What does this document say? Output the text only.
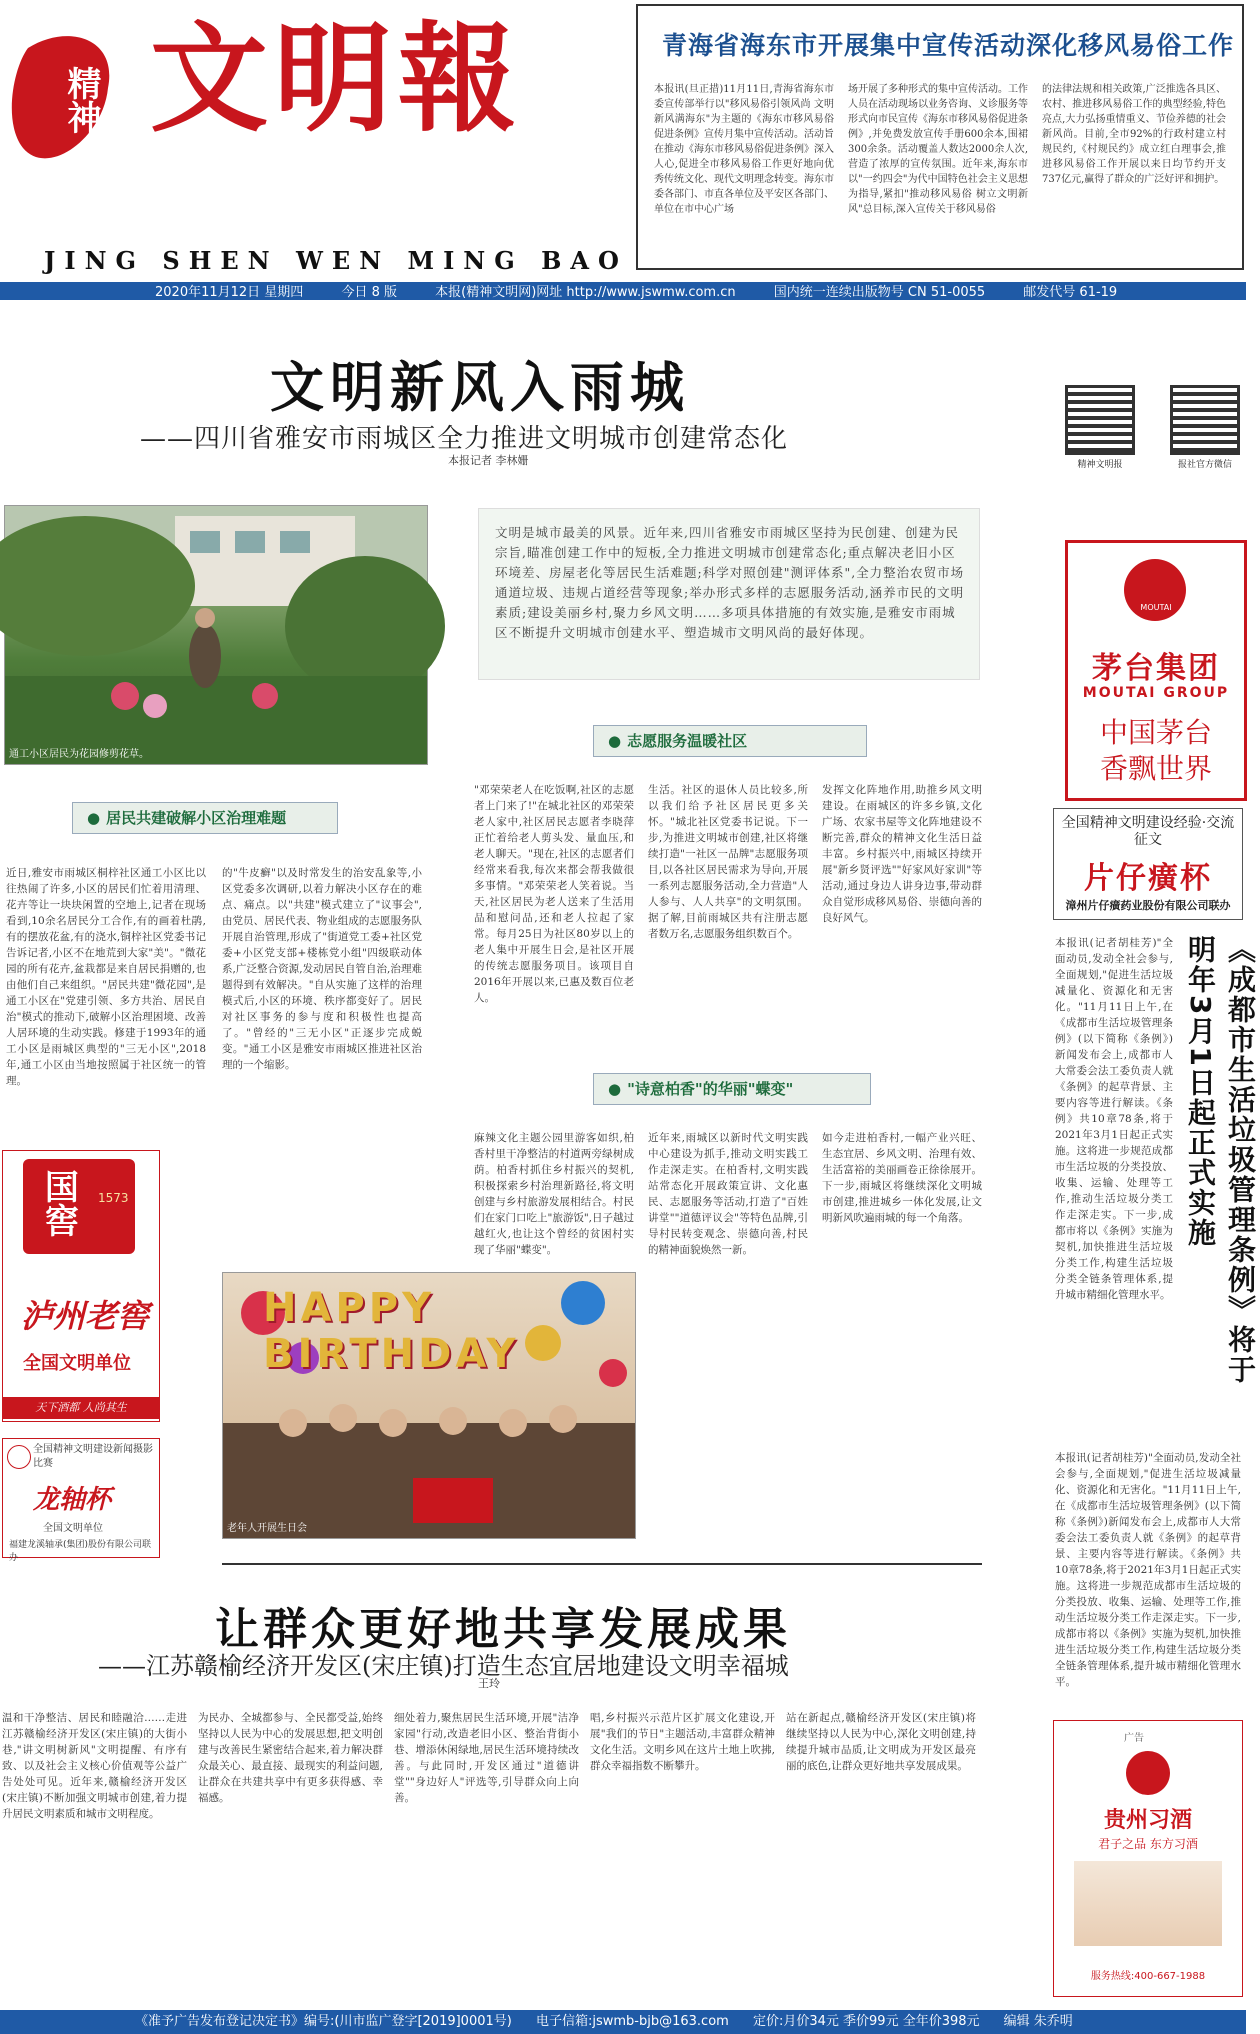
精神 文明報
JING SHEN WEN MING BAO
2020年11月12日 星期四	今日 8 版	本报(精神文明网)网址 http://www.jswmw.com.cn	国内统一连续出版物号 CN 51-0055	邮发代号 61-19
青海省海东市开展集中宣传活动深化移风易俗工作
本报讯(旦正措)11月11日,青海省海东市委宣传部举行以"移风易俗引领风尚 文明新风满海东"为主题的《海东市移风易俗促进条例》宣传月集中宣传活动。活动旨在推动《海东市移风易俗促进条例》深入人心,促进全市移风易俗工作更好地向优秀传统文化、现代文明理念转变。海东市委各部门、市直各单位及平安区各部门、单位在市中心广场
场开展了多种形式的集中宣传活动。工作人员在活动现场以业务咨询、义诊服务等形式向市民宣传《海东市移风易俗促进条例》,并免费发放宣传手册600余本,围裙300余条。活动覆盖人数达2000余人次,营造了浓厚的宣传氛围。近年来,海东市以"一约四会"为代中国特色社会主义思想为指导,紧扣"推动移风易俗 树立文明新风"总目标,深入宣传关于移风易俗
的法律法规和相关政策,广泛推选各具区、农村、推进移风易俗工作的典型经验,特色亮点,大力弘扬重情重义、节俭养德的社会新风尚。目前,全市92%的行政村建立村规民约,《村规民约》成立红白理事会,推进移风易俗工作开展以来日均节约开支737亿元,赢得了群众的广泛好评和拥护。
文明新风入雨城
——四川省雅安市雨城区全力推进文明城市创建常态化
本报记者 李林姗	精神文明报	报社官方微信
通工小区居民为花园修剪花草。
文明是城市最美的风景。近年来,四川省雅安市雨城区坚持为民创建、创建为民宗旨,瞄准创建工作中的短板,全力推进文明城市创建常态化;重点解决老旧小区环境差、房屋老化等居民生活难题;科学对照创建"测评体系",全力整治农贸市场通道垃圾、违规占道经营等现象;举办形式多样的志愿服务活动,涵养市民的文明素质;建设美丽乡村,聚力乡风文明……多项具体措施的有效实施,是雅安市雨城区不断提升文明城市创建水平、塑造城市文明风尚的最好体现。
● 志愿服务温暖社区
● 居民共建破解小区治理难题
● "诗意柏香"的华丽"蝶变"
近日,雅安市雨城区桐梓社区通工小区比以往热闹了许多,小区的居民们忙着用清理、花卉等让一块块闲置的空地上,记者在现场看到,10余名居民分工合作,有的画着杜鹃,有的摆放花盆,有的浇水,铜梓社区党委书记告诉记者,小区不在地荒到大家"美"。"微花园的所有花卉,盆栽都是来自居民捐赠的,也由他们自己来组织。"居民共建"微花园",是通工小区在"党建引领、多方共治、居民自治"模式的推动下,破解小区治理困境、改善人居环境的生动实践。修建于1993年的通工小区是雨城区典型的"三无小区",2018年,通工小区由当地按照属于社区统一的管理。
的"牛皮癣"以及时常发生的治安乱象等,小区党委多次调研,以着力解决小区存在的难点、痛点。以"共建"模式建立了"议事会",由党员、居民代表、物业组成的志愿服务队开展自治管理,形成了"街道党工委+社区党委+小区党支部+楼栋党小组"四级联动体系,广泛整合资源,发动居民自管自治,治理难题得到有效解决。"自从实施了这样的治理模式后,小区的环境、秩序都变好了。居民对社区事务的参与度和积极性也提高了。"曾经的"三无小区"正逐步完成蜕变。"通工小区是雅安市雨城区推进社区治理的一个缩影。
"邓荣荣老人在吃饭啊,社区的志愿者上门来了!"在城北社区的邓荣荣老人家中,社区居民志愿者李晓萍正忙着给老人剪头发、量血压,和老人聊天。"现在,社区的志愿者们经常来看我,每次来都会帮我做很多事情。"邓荣荣老人笑着说。当天,社区居民为老人送来了生活用品和慰问品,还和老人拉起了家常。每月25日为社区80岁以上的老人集中开展生日会,是社区开展的传统志愿服务项目。该项目自2016年开展以来,已惠及数百位老人。
生活。社区的退休人员比较多,所以我们给予社区居民更多关怀。"城北社区党委书记说。下一步,为推进文明城市创建,社区将继续打造"一社区一品牌"志愿服务项目,以各社区居民需求为导向,开展一系列志愿服务活动,全力营造"人人参与、人人共享"的文明氛围。据了解,目前雨城区共有注册志愿者数万名,志愿服务组织数百个。
发挥文化阵地作用,助推乡风文明建设。在雨城区的许多乡镇,文化广场、农家书屋等文化阵地建设不断完善,群众的精神文化生活日益丰富。乡村振兴中,雨城区持续开展"新乡贤评选""好家风好家训"等活动,通过身边人讲身边事,带动群众自觉形成移风易俗、崇德向善的良好风气。
麻辣文化主题公园里游客如织,柏香村里干净整洁的村道两旁绿树成荫。柏香村抓住乡村振兴的契机,积极探索乡村治理新路径,将文明创建与乡村旅游发展相结合。村民们在家门口吃上"旅游饭",日子越过越红火,也让这个曾经的贫困村实现了华丽"蝶变"。
近年来,雨城区以新时代文明实践中心建设为抓手,推动文明实践工作走深走实。在柏香村,文明实践站常态化开展政策宣讲、文化惠民、志愿服务等活动,打造了"百姓讲堂""道德评议会"等特色品牌,引导村民转变观念、崇德向善,村民的精神面貌焕然一新。
如今走进柏香村,一幅产业兴旺、生态宜居、乡风文明、治理有效、生活富裕的美丽画卷正徐徐展开。下一步,雨城区将继续深化文明城市创建,推进城乡一体化发展,让文明新风吹遍雨城的每一个角落。
HAPPY BIRTHDAY
老年人开展生日会
让群众更好地共享发展成果
——江苏赣榆经济开发区(宋庄镇)打造生态宜居地建设文明幸福城
王玲
温和干净整洁、居民和睦融洽……走进江苏赣榆经济开发区(宋庄镇)的大街小巷,"讲文明树新风"文明提醒、有序有致、以及社会主义核心价值观等公益广告处处可见。近年来,赣榆经济开发区(宋庄镇)不断加强文明城市创建,着力提升居民文明素质和城市文明程度。
为民办、全城都参与、全民都受益,始终坚持以人民为中心的发展思想,把文明创建与改善民生紧密结合起来,着力解决群众最关心、最直接、最现实的利益问题,让群众在共建共享中有更多获得感、幸福感。
细处着力,聚焦居民生活环境,开展"洁净家园"行动,改造老旧小区、整治背街小巷、增添休闲绿地,居民生活环境持续改善。与此同时,开发区通过"道德讲堂""身边好人"评选等,引导群众向上向善。
唱,乡村振兴示范片区扩展文化建设,开展"我们的节日"主题活动,丰富群众精神文化生活。文明乡风在这片土地上吹拂,群众幸福指数不断攀升。
站在新起点,赣榆经济开发区(宋庄镇)将继续坚持以人民为中心,深化文明创建,持续提升城市品质,让文明成为开发区最亮丽的底色,让群众更好地共享发展成果。
国窖 1573
泸州老窖
全国文明单位
天下酒都 人尚其生
全国精神文明建设新闻摄影比赛
龙轴杯
全国文明单位
福建龙溪轴承(集团)股份有限公司联办
MOUTAI
茅台集团
MOUTAI GROUP
中国茅台 香飘世界
全国精神文明建设经验·交流征文
片仔癀杯
漳州片仔癀药业股份有限公司联办
《成都市生活垃圾管理条例》将于明年3月1日起正式实施
本报讯(记者胡桂芳)"全面动员,发动全社会参与,全面规划,"促进生活垃圾减量化、资源化和无害化。"11月11日上午,在《成都市生活垃圾管理条例》(以下简称《条例》)新闻发布会上,成都市人大常委会法工委负责人就《条例》的起草背景、主要内容等进行解读。《条例》共10章78条,将于2021年3月1日起正式实施。这将进一步规范成都市生活垃圾的分类投放、收集、运输、处理等工作,推动生活垃圾分类工作走深走实。下一步,成都市将以《条例》实施为契机,加快推进生活垃圾分类工作,构建生活垃圾分类全链条管理体系,提升城市精细化管理水平。
本报讯(记者胡桂芳)"全面动员,发动全社会参与,全面规划,"促进生活垃圾减量化、资源化和无害化。"11月11日上午,在《成都市生活垃圾管理条例》(以下简称《条例》)新闻发布会上,成都市人大常委会法工委负责人就《条例》的起草背景、主要内容等进行解读。《条例》共10章78条,将于2021年3月1日起正式实施。这将进一步规范成都市生活垃圾的分类投放、收集、运输、处理等工作,推动生活垃圾分类工作走深走实。下一步,成都市将以《条例》实施为契机,加快推进生活垃圾分类工作,构建生活垃圾分类全链条管理体系,提升城市精细化管理水平。
广告
贵州习酒
君子之品 东方习酒
服务热线:400-667-1988
《准予广告发布登记决定书》编号:(川市监广登字[2019]0001号) 电子信箱:jswmb-bjb@163.com 定价:月价34元 季价99元 全年价398元 编辑 朱乔明
